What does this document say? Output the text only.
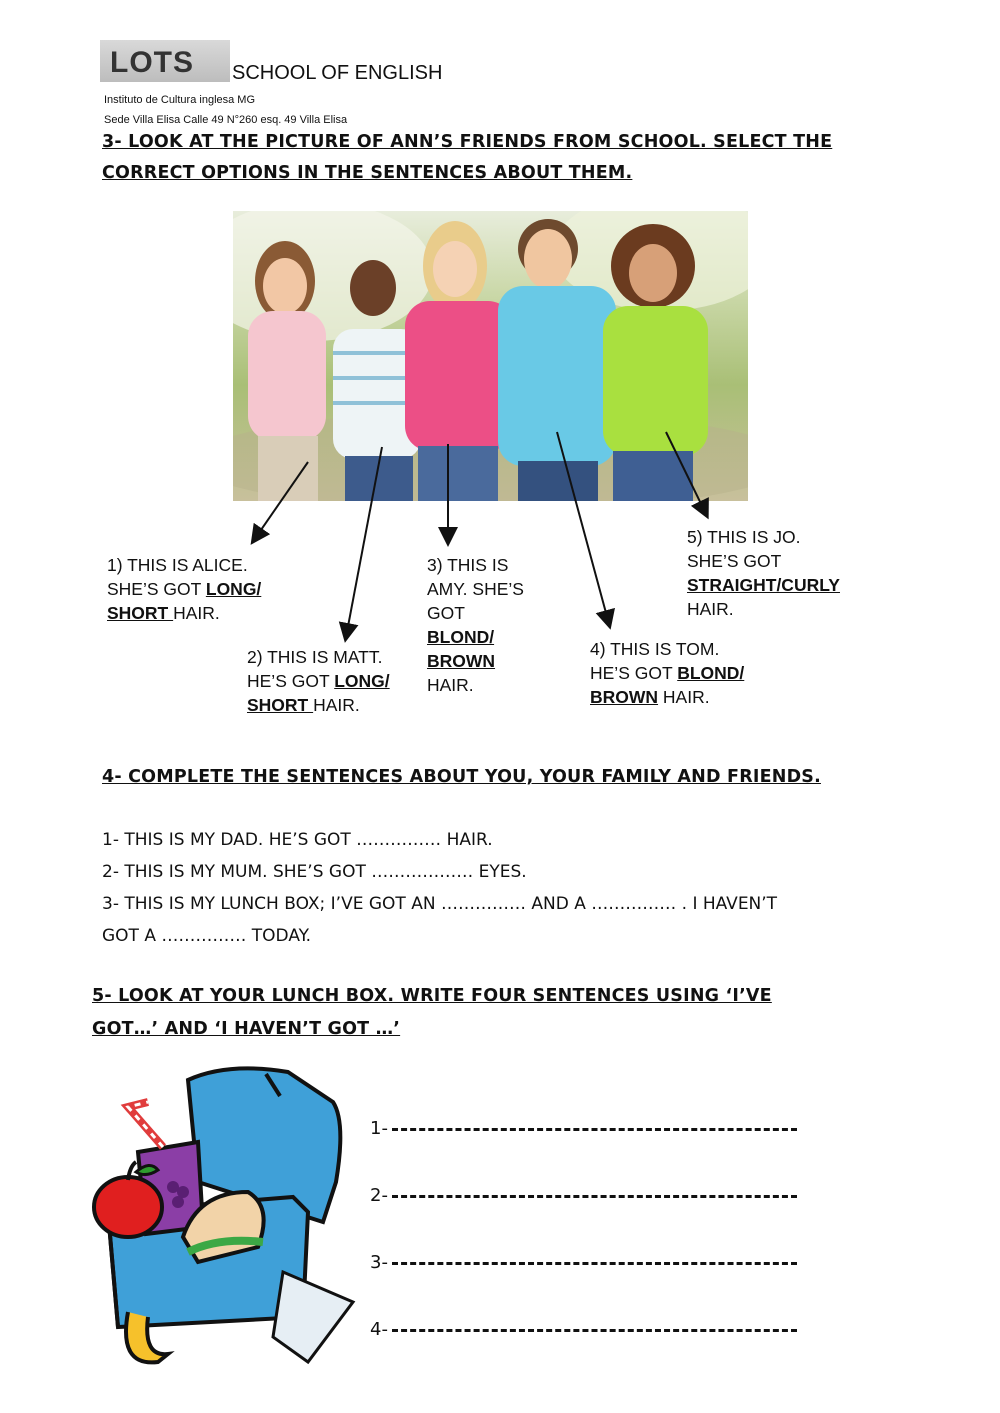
LOTS SCHOOL OF ENGLISH
Instituto de Cultura inglesa MG
Sede Villa Elisa Calle 49 N°260 esq. 49 Villa Elisa
3- LOOK AT THE PICTURE OF ANN’S FRIENDS FROM SCHOOL. SELECT THE
CORRECT OPTIONS IN THE SENTENCES ABOUT THEM.
1) THIS IS ALICE.
SHE’S GOT LONG/
SHORT HAIR.
2) THIS IS MATT.
HE’S GOT LONG/
SHORT HAIR.
3) THIS IS
AMY. SHE’S
GOT
BLOND/
BROWN
HAIR.
4) THIS IS TOM.
HE’S GOT BLOND/
BROWN HAIR.
5) THIS IS JO.
SHE’S GOT
STRAIGHT/CURLY
HAIR.
4- COMPLETE THE SENTENCES ABOUT YOU, YOUR FAMILY AND FRIENDS.
1- THIS IS MY DAD. HE’S GOT …………… HAIR.
2- THIS IS MY MUM. SHE’S GOT ……………… EYES.
3- THIS IS MY LUNCH BOX; I’VE GOT AN …………… AND A …………… . I HAVEN’T
GOT A …………… TODAY.
5- LOOK AT YOUR LUNCH BOX. WRITE FOUR SENTENCES USING ‘I’VE
GOT…’ AND ‘I HAVEN’T GOT …’
1-
2-
3-
4-
